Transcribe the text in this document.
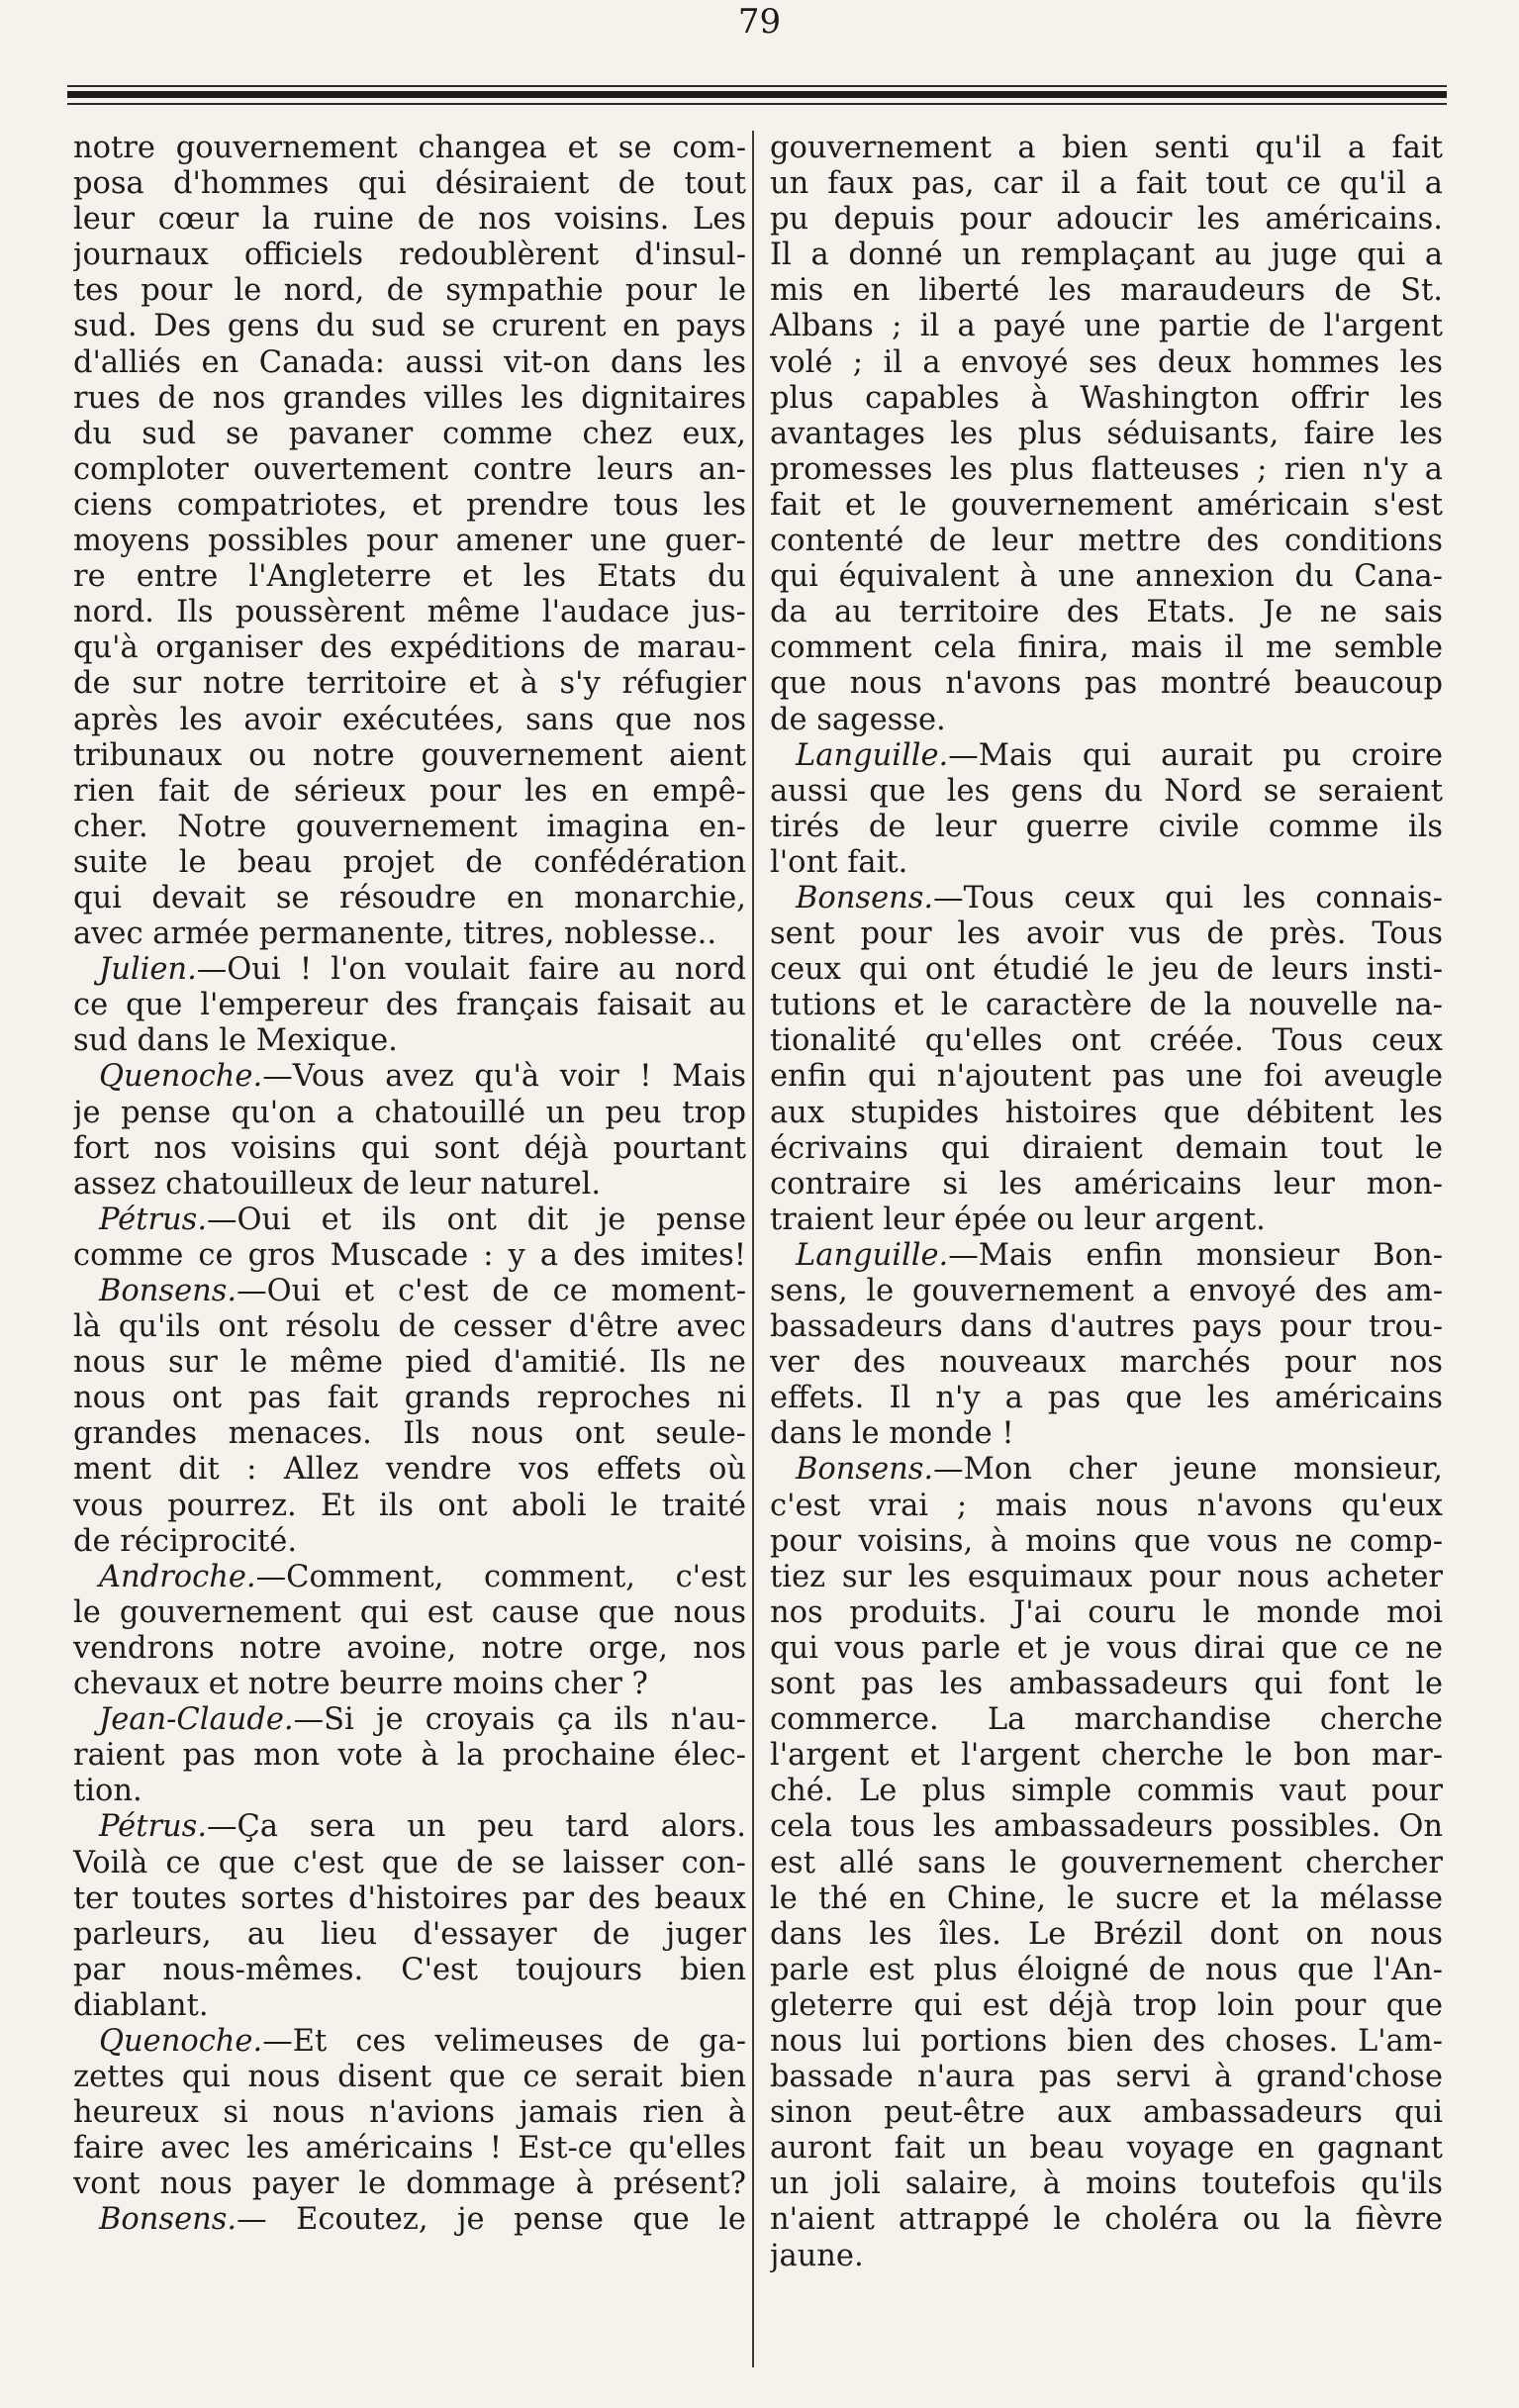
79
notre gouvernement changea et se com-
posa d'hommes qui désiraient de tout
leur cœur la ruine de nos voisins. Les
journaux officiels redoublèrent d'insul-
tes pour le nord, de sympathie pour le
sud. Des gens du sud se crurent en pays
d'alliés en Canada: aussi vit-on dans les
rues de nos grandes villes les dignitaires
du sud se pavaner comme chez eux,
comploter ouvertement contre leurs an-
ciens compatriotes, et prendre tous les
moyens possibles pour amener une guer-
re entre l'Angleterre et les Etats du
nord. Ils poussèrent même l'audace jus-
qu'à organiser des expéditions de marau-
de sur notre territoire et à s'y réfugier
après les avoir exécutées, sans que nos
tribunaux ou notre gouvernement aient
rien fait de sérieux pour les en empê-
cher. Notre gouvernement imagina en-
suite le beau projet de confédération
qui devait se résoudre en monarchie,
avec armée permanente, titres, noblesse..
Julien.—Oui ! l'on voulait faire au nord
ce que l'empereur des français faisait au
sud dans le Mexique.
Quenoche.—Vous avez qu'à voir ! Mais
je pense qu'on a chatouillé un peu trop
fort nos voisins qui sont déjà pourtant
assez chatouilleux de leur naturel.
Pétrus.—Oui et ils ont dit je pense
comme ce gros Muscade : y a des imites!
Bonsens.—Oui et c'est de ce moment-
là qu'ils ont résolu de cesser d'être avec
nous sur le même pied d'amitié. Ils ne
nous ont pas fait grands reproches ni
grandes menaces. Ils nous ont seule-
ment dit : Allez vendre vos effets où
vous pourrez. Et ils ont aboli le traité
de réciprocité.
Androche.—Comment, comment, c'est
le gouvernement qui est cause que nous
vendrons notre avoine, notre orge, nos
chevaux et notre beurre moins cher ?
Jean-Claude.—Si je croyais ça ils n'au-
raient pas mon vote à la prochaine élec-
tion.
Pétrus.—Ça sera un peu tard alors.
Voilà ce que c'est que de se laisser con-
ter toutes sortes d'histoires par des beaux
parleurs, au lieu d'essayer de juger
par nous-mêmes. C'est toujours bien
diablant.
Quenoche.—Et ces velimeuses de ga-
zettes qui nous disent que ce serait bien
heureux si nous n'avions jamais rien à
faire avec les américains ! Est-ce qu'elles
vont nous payer le dommage à présent?
Bonsens.— Ecoutez, je pense que le
gouvernement a bien senti qu'il a fait
un faux pas, car il a fait tout ce qu'il a
pu depuis pour adoucir les américains.
Il a donné un remplaçant au juge qui a
mis en liberté les maraudeurs de St.
Albans ; il a payé une partie de l'argent
volé ; il a envoyé ses deux hommes les
plus capables à Washington offrir les
avantages les plus séduisants, faire les
promesses les plus flatteuses ; rien n'y a
fait et le gouvernement américain s'est
contenté de leur mettre des conditions
qui équivalent à une annexion du Cana-
da au territoire des Etats. Je ne sais
comment cela finira, mais il me semble
que nous n'avons pas montré beaucoup
de sagesse.
Languille.—Mais qui aurait pu croire
aussi que les gens du Nord se seraient
tirés de leur guerre civile comme ils
l'ont fait.
Bonsens.—Tous ceux qui les connais-
sent pour les avoir vus de près. Tous
ceux qui ont étudié le jeu de leurs insti-
tutions et le caractère de la nouvelle na-
tionalité qu'elles ont créée. Tous ceux
enfin qui n'ajoutent pas une foi aveugle
aux stupides histoires que débitent les
écrivains qui diraient demain tout le
contraire si les américains leur mon-
traient leur épée ou leur argent.
Languille.—Mais enfin monsieur Bon-
sens, le gouvernement a envoyé des am-
bassadeurs dans d'autres pays pour trou-
ver des nouveaux marchés pour nos
effets. Il n'y a pas que les américains
dans le monde !
Bonsens.—Mon cher jeune monsieur,
c'est vrai ; mais nous n'avons qu'eux
pour voisins, à moins que vous ne comp-
tiez sur les esquimaux pour nous acheter
nos produits. J'ai couru le monde moi
qui vous parle et je vous dirai que ce ne
sont pas les ambassadeurs qui font le
commerce. La marchandise cherche
l'argent et l'argent cherche le bon mar-
ché. Le plus simple commis vaut pour
cela tous les ambassadeurs possibles. On
est allé sans le gouvernement chercher
le thé en Chine, le sucre et la mélasse
dans les îles. Le Brézil dont on nous
parle est plus éloigné de nous que l'An-
gleterre qui est déjà trop loin pour que
nous lui portions bien des choses. L'am-
bassade n'aura pas servi à grand'chose
sinon peut-être aux ambassadeurs qui
auront fait un beau voyage en gagnant
un joli salaire, à moins toutefois qu'ils
n'aient attrappé le choléra ou la fièvre
jaune.
